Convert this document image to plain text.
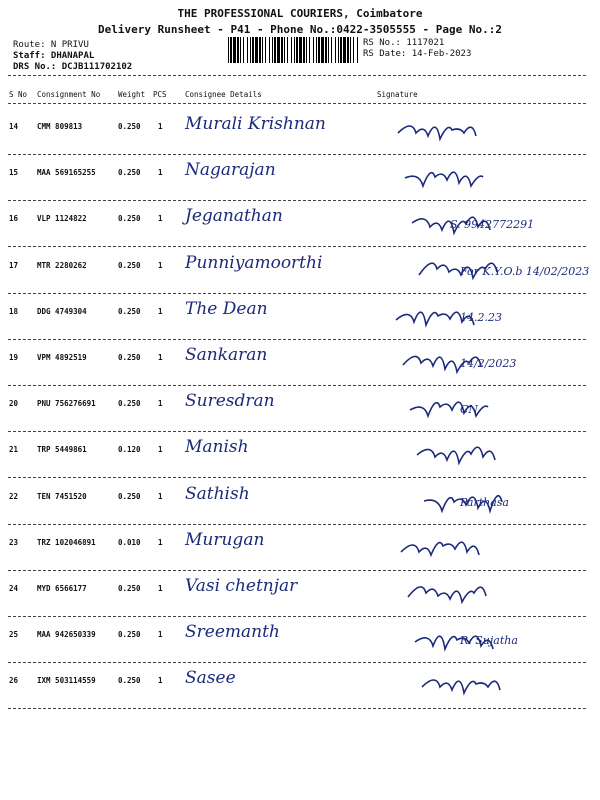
THE PROFESSIONAL COURIERS, Coimbatore
Delivery Runsheet - P41 - Phone No.:0422-3505555 - Page No.:2
Route: N PRIVU
Staff: DHANAPAL
DRS No.: DCJB111702102
RS No.: 1117021
RS Date: 14-Feb-2023
S No Consignment No Weight PCS Consignee Details	Signature
14	CMM 809813	0.250 1 Murali Krishnan
15	MAA 569165255	0.250 1 Nagarajan
16	VLP 1124822	0.250 1 Jeganathan	S. 9942772291
17	MTR 2280262	0.250 1 Punniyamoorthi	For K.Y.O.b 14/02/2023
18	DDG 4749304	0.250 1 The Dean	14.2.23
19	VPM 4892519	0.250 1 Sankaran	14/2/2023
20	PNU 756276691	0.250 1 Suresdran	CN
21	TRP 5449861	0.120 1 Manish
22	TEN 7451520	0.250 1 Sathish	Parthasa
23	TRZ 102046891	0.010 1 Murugan
24	MYD 6566177	0.250 1 Vasi chetnjar
25	MAA 942650339	0.250 1 Sreemanth	R. Sujatha
26	IXM 503114559	0.250 1 Sasee
